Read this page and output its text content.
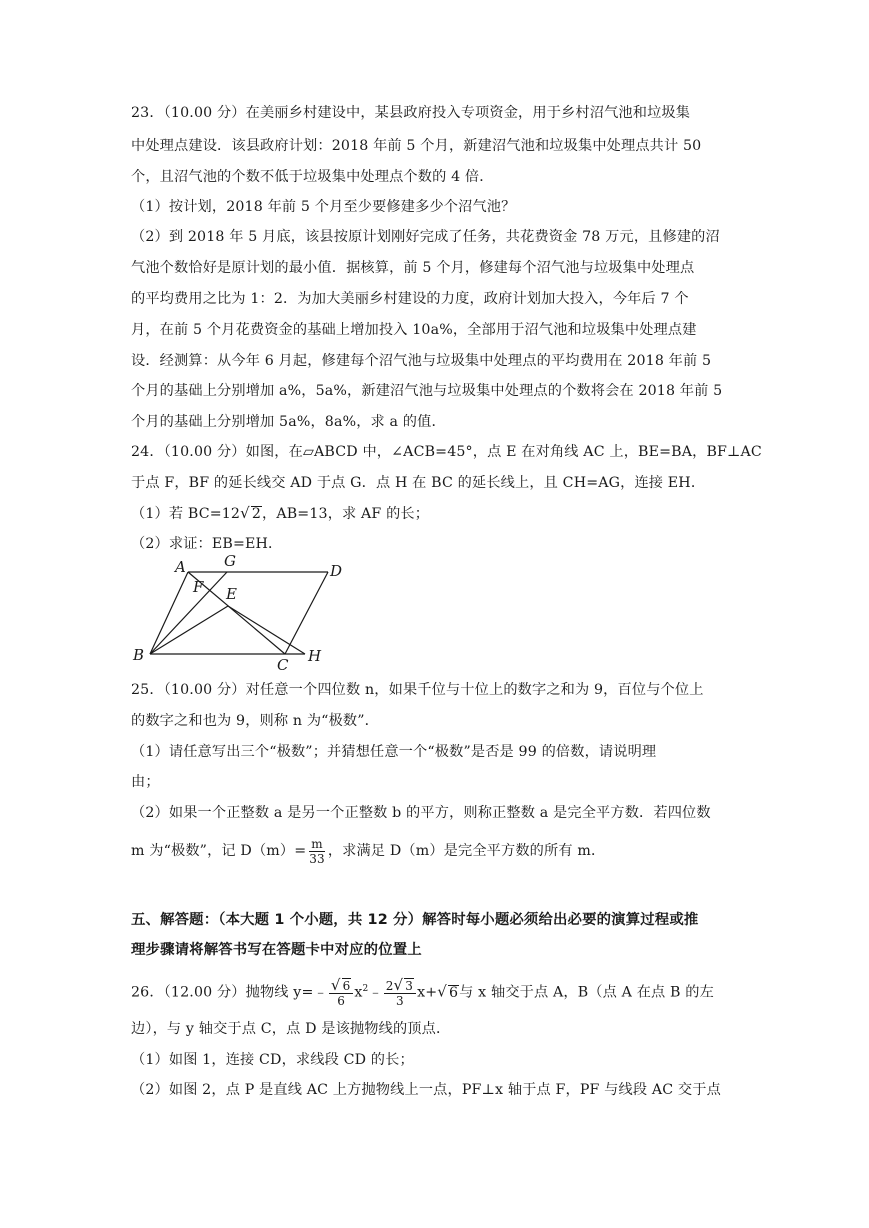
23．（10.00 分）在美丽乡村建设中，某县政府投入专项资金，用于乡村沼气池和垃圾集
中处理点建设．该县政府计划：2018 年前 5 个月，新建沼气池和垃圾集中处理点共计 50
个，且沼气池的个数不低于垃圾集中处理点个数的 4 倍．
（1）按计划，2018 年前 5 个月至少要修建多少个沼气池？
（2）到 2018 年 5 月底，该县按原计划刚好完成了任务，共花费资金 78 万元，且修建的沼
气池个数恰好是原计划的最小值．据核算，前 5 个月，修建每个沼气池与垃圾集中处理点
的平均费用之比为 1：2．为加大美丽乡村建设的力度，政府计划加大投入，今年后 7 个
月，在前 5 个月花费资金的基础上增加投入 10a%，全部用于沼气池和垃圾集中处理点建
设．经测算：从今年 6 月起，修建每个沼气池与垃圾集中处理点的平均费用在 2018 年前 5
个月的基础上分别增加 a%，5a%，新建沼气池与垃圾集中处理点的个数将会在 2018 年前 5
个月的基础上分别增加 5a%，8a%，求 a 的值．
24．（10.00 分）如图，在▱ABCD 中，∠ACB=45°，点 E 在对角线 AC 上，BE=BA，BF⊥AC
于点 F，BF 的延长线交 AD 于点 G．点 H 在 BC 的延长线上，且 CH=AG，连接 EH．
（1）若 BC=12√ 2，AB=13，求 AF 的长；
（2）求证：EB=EH．
A	G
D
F E
B
C H
25．（10.00 分）对任意一个四位数 n，如果千位与十位上的数字之和为 9，百位与个位上
的数字之和也为 9，则称 n 为“极数”．
（1）请任意写出三个“极数”；并猜想任意一个“极数”是否是 99 的倍数，请说明理
由；
（2）如果一个正整数 a 是另一个正整数 b 的平方，则称正整数 a 是完全平方数．若四位数
m 为“极数”，记 $D(m)= \frac{m}{33}$ ，求满足 D（m）是完全平方数的所有 m．
五、解答题：（本大题 1 个小题，共 12 分）解答时每小题必须给出必要的演算过程或推
理步骤请将解答书写在答题卡中对应的位置上
26．（12.00 分）抛物线 y=﹣ $\frac{√ 6}{6}$ $x^2﹣ \frac{2√ 3}{3} x+√$ 6与 x 轴交于点 A，B（点 A 在点 B 的左
边），与 y 轴交于点 C，点 D 是该抛物线的顶点．
（1）如图 1，连接 CD，求线段 CD 的长；
（2）如图 2，点 P 是直线 AC 上方抛物线上一点，PF⊥x 轴于点 F，PF 与线段 AC 交于点
